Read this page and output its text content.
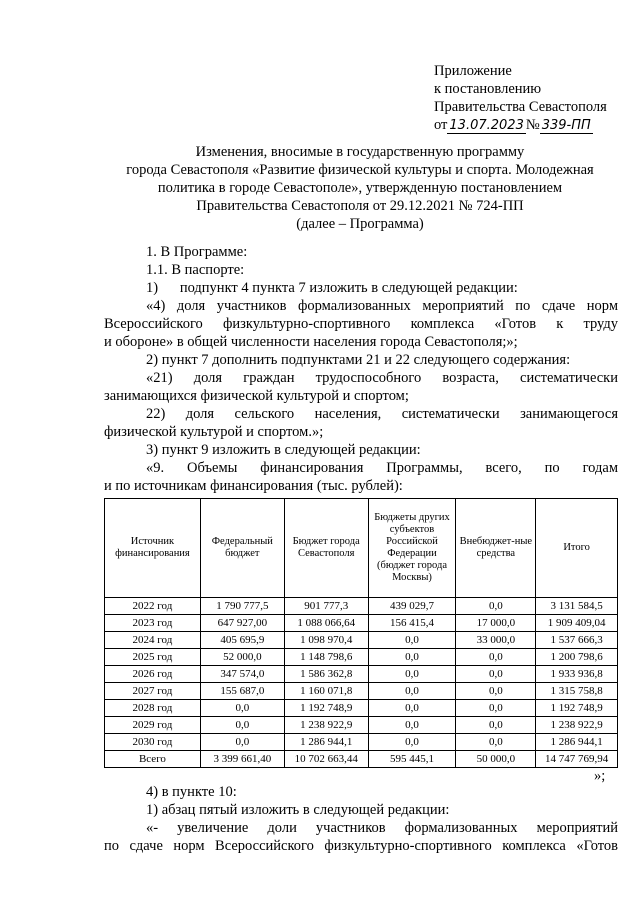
Приложение
к постановлению
Правительства Севастополя
от 13.07.2023 № 339-ПП
Изменения, вносимые в государственную программу
города Севастополя «Развитие физической культуры и спорта. Молодежная
политика в городе Севастополе», утвержденную постановлением
Правительства Севастополя от 29.12.2021 № 724-ПП
(далее – Программа)
1. В Программе:
1.1. В паспорте:
1)      подпункт 4 пункта 7 изложить в следующей редакции:
«4) доля участников формализованных мероприятий по сдаче норм
Всероссийского физкультурно-спортивного комплекса «Готов к труду
и обороне» в общей численности населения города Севастополя;»;
2) пункт 7 дополнить подпунктами 21 и 22 следующего содержания:
«21) доля граждан трудоспособного возраста, систематически
занимающихся физической культурой и спортом;
22) доля сельского населения, систематически занимающегося
физической культурой и спортом.»;
3) пункт 9 изложить в следующей редакции:
«9. Объемы финансирования Программы, всего, по годам
и по источникам финансирования (тыс. рублей):
Источник финансирования	Федеральный бюджет	Бюджет города Севастополя	Бюджеты других субъектов Российской Федерации (бюджет города Москвы)	Внебюджет-ные средства	Итого
2022 год	1 790 777,5	901 777,3	439 029,7	0,0	3 131 584,5
2023 год	647 927,00	1 088 066,64	156 415,4	17 000,0	1 909 409,04
2024 год	405 695,9	1 098 970,4	0,0	33 000,0	1 537 666,3
2025 год	52 000,0	1 148 798,6	0,0	0,0	1 200 798,6
2026 год	347 574,0	1 586 362,8	0,0	0,0	1 933 936,8
2027 год	155 687,0	1 160 071,8	0,0	0,0	1 315 758,8
2028 год	0,0	1 192 748,9	0,0	0,0	1 192 748,9
2029 год	0,0	1 238 922,9	0,0	0,0	1 238 922,9
2030 год	0,0	1 286 944,1	0,0	0,0	1 286 944,1
Всего	3 399 661,40	10 702 663,44	595 445,1	50 000,0	14 747 769,94
»;
4) в пункте 10:
1) абзац пятый изложить в следующей редакции:
«- увеличение доли участников формализованных мероприятий
по сдаче норм Всероссийского физкультурно-спортивного комплекса «Готов
